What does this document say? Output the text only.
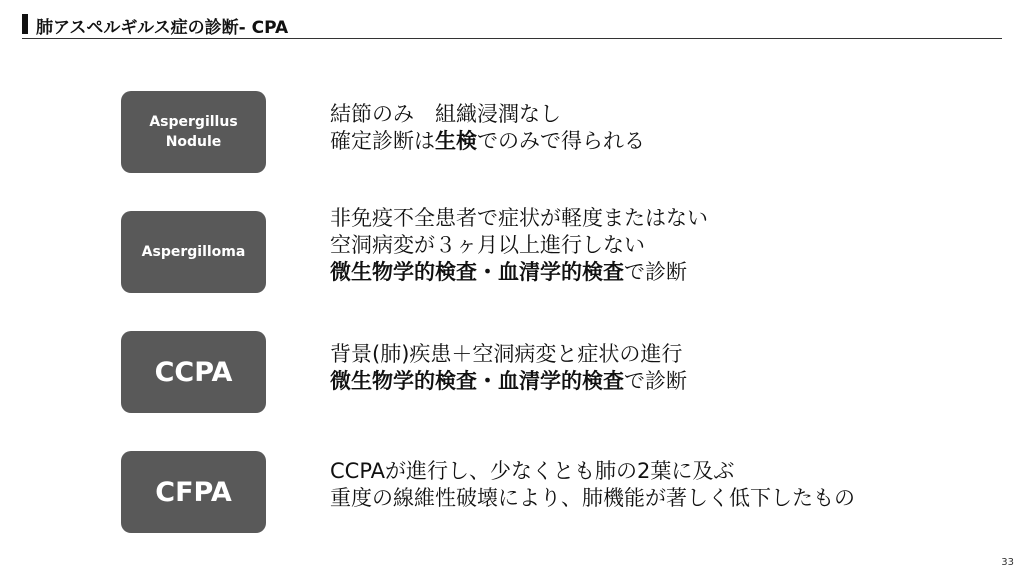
肺アスペルギルス症の診断- CPA
Aspergillus
Nodule
結節のみ　組織浸潤なし
確定診断は生検でのみで得られる
Aspergilloma
非免疫不全患者で症状が軽度またはない
空洞病変が３ヶ月以上進行しない
微生物学的検査・血清学的検査で診断
CCPA
背景(肺)疾患＋空洞病変と症状の進行
微生物学的検査・血清学的検査で診断
CFPA
CCPAが進行し、少なくとも肺の2葉に及ぶ
重度の線維性破壊により、肺機能が著しく低下したもの
33
